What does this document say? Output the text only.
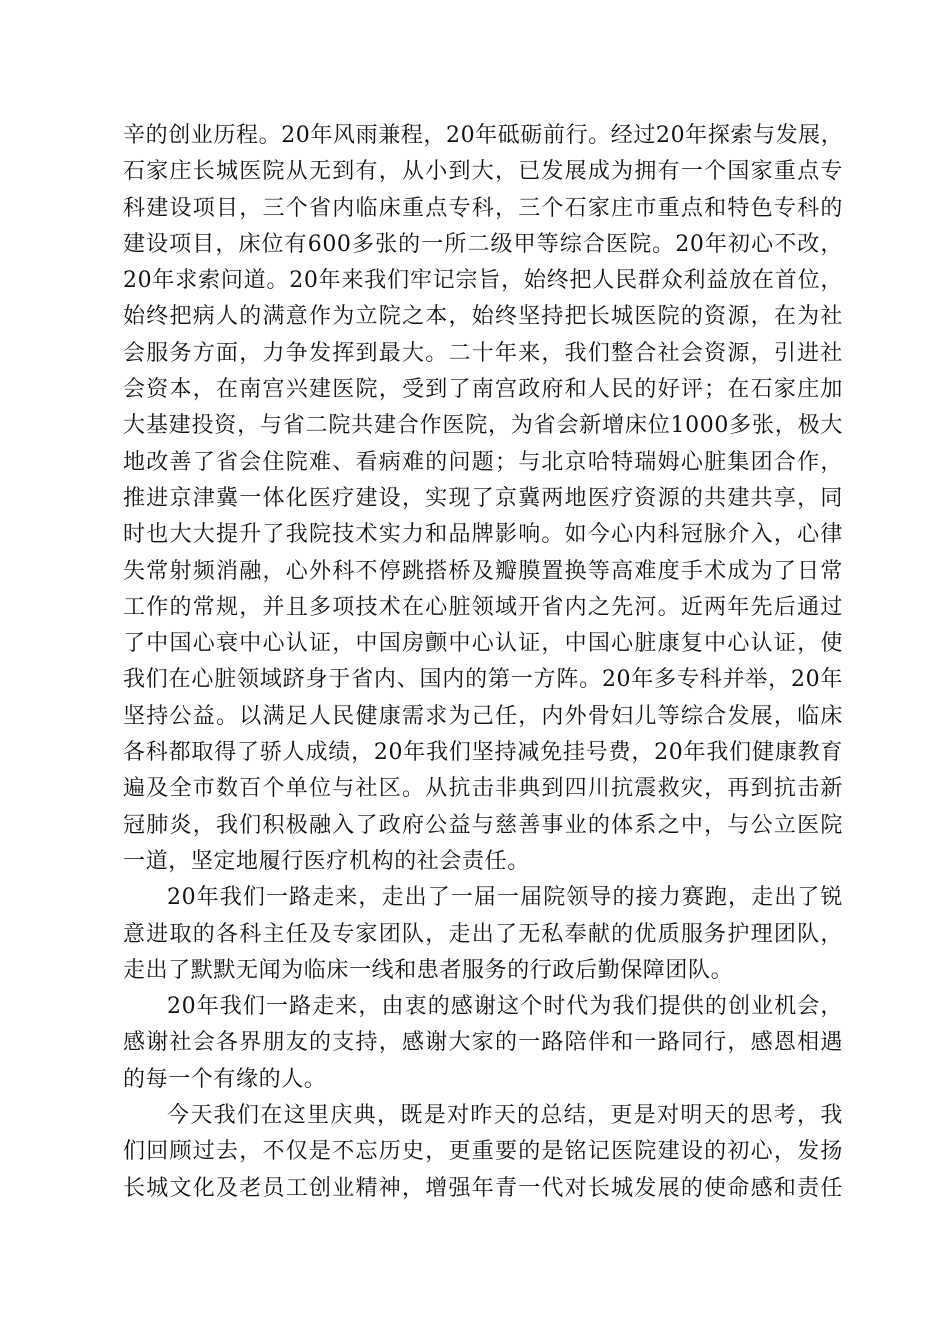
辛的创业历程。20年风雨兼程，20年砥砺前行。经过20年探索与发展，
石家庄长城医院从无到有，从小到大，已发展成为拥有一个国家重点专
科建设项目，三个省内临床重点专科，三个石家庄市重点和特色专科的
建设项目，床位有600多张的一所二级甲等综合医院。20年初心不改，
20年求索问道。20年来我们牢记宗旨，始终把人民群众利益放在首位，
始终把病人的满意作为立院之本，始终坚持把长城医院的资源，在为社
会服务方面，力争发挥到最大。二十年来，我们整合社会资源，引进社
会资本，在南宫兴建医院，受到了南宫政府和人民的好评；在石家庄加
大基建投资，与省二院共建合作医院，为省会新增床位1000多张，极大
地改善了省会住院难、看病难的问题；与北京哈特瑞姆心脏集团合作，
推进京津冀一体化医疗建设，实现了京冀两地医疗资源的共建共享，同
时也大大提升了我院技术实力和品牌影响。如今心内科冠脉介入，心律
失常射频消融，心外科不停跳搭桥及瓣膜置换等高难度手术成为了日常
工作的常规，并且多项技术在心脏领域开省内之先河。近两年先后通过
了中国心衰中心认证，中国房颤中心认证，中国心脏康复中心认证，使
我们在心脏领域跻身于省内、国内的第一方阵。20年多专科并举，20年
坚持公益。以满足人民健康需求为己任，内外骨妇儿等综合发展，临床
各科都取得了骄人成绩，20年我们坚持减免挂号费，20年我们健康教育
遍及全市数百个单位与社区。从抗击非典到四川抗震救灾，再到抗击新
冠肺炎，我们积极融入了政府公益与慈善事业的体系之中，与公立医院
一道，坚定地履行医疗机构的社会责任。
20年我们一路走来，走出了一届一届院领导的接力赛跑，走出了锐
意进取的各科主任及专家团队，走出了无私奉献的优质服务护理团队，
走出了默默无闻为临床一线和患者服务的行政后勤保障团队。
20年我们一路走来，由衷的感谢这个时代为我们提供的创业机会，
感谢社会各界朋友的支持，感谢大家的一路陪伴和一路同行，感恩相遇
的每一个有缘的人。
今天我们在这里庆典，既是对昨天的总结，更是对明天的思考，我
们回顾过去，不仅是不忘历史，更重要的是铭记医院建设的初心，发扬
长城文化及老员工创业精神，增强年青一代对长城发展的使命感和责任
